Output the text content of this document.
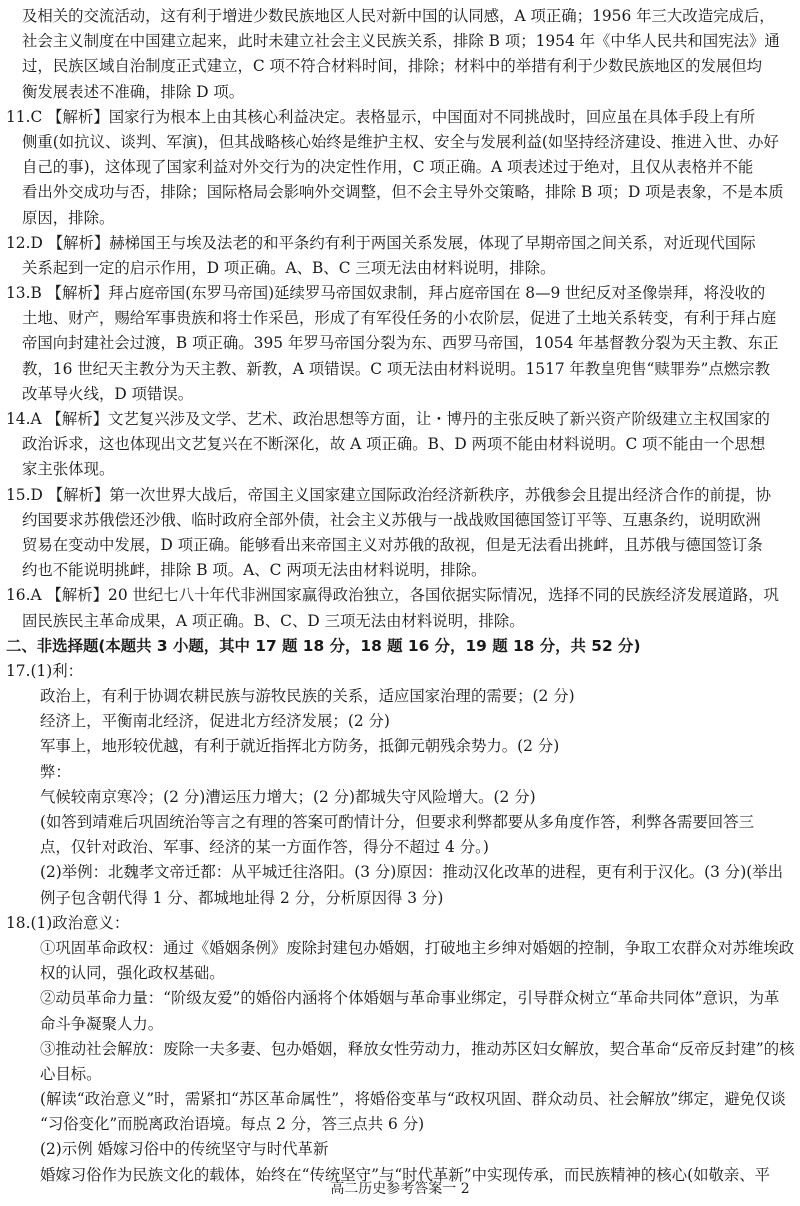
及相关的交流活动，这有利于增进少数民族地区人民对新中国的认同感，A 项正确；1956 年三大改造完成后，
社会主义制度在中国建立起来，此时未建立社会主义民族关系，排除 B 项；1954 年《中华人民共和国宪法》通
过，民族区域自治制度正式建立，C 项不符合材料时间，排除；材料中的举措有利于少数民族地区的发展但均
衡发展表述不准确，排除 D 项。
11.C 【解析】国家行为根本上由其核心利益决定。表格显示，中国面对不同挑战时，回应虽在具体手段上有所
侧重(如抗议、谈判、军演)，但其战略核心始终是维护主权、安全与发展利益(如坚持经济建设、推进入世、办好
自己的事)，这体现了国家利益对外交行为的决定性作用，C 项正确。A 项表述过于绝对，且仅从表格并不能
看出外交成功与否，排除；国际格局会影响外交调整，但不会主导外交策略，排除 B 项；D 项是表象，不是本质
原因，排除。
12.D 【解析】赫梯国王与埃及法老的和平条约有利于两国关系发展，体现了早期帝国之间关系，对近现代国际
关系起到一定的启示作用，D 项正确。A、B、C 三项无法由材料说明，排除。
13.B 【解析】拜占庭帝国(东罗马帝国)延续罗马帝国奴隶制，拜占庭帝国在 8—9 世纪反对圣像崇拜，将没收的
土地、财产，赐给军事贵族和将士作采邑，形成了有军役任务的小农阶层，促进了土地关系转变，有利于拜占庭
帝国向封建社会过渡，B 项正确。395 年罗马帝国分裂为东、西罗马帝国，1054 年基督教分裂为天主教、东正
教，16 世纪天主教分为天主教、新教，A 项错误。C 项无法由材料说明。1517 年教皇兜售“赎罪券”点燃宗教
改革导火线，D 项错误。
14.A 【解析】文艺复兴涉及文学、艺术、政治思想等方面，让・博丹的主张反映了新兴资产阶级建立主权国家的
政治诉求，这也体现出文艺复兴在不断深化，故 A 项正确。B、D 两项不能由材料说明。C 项不能由一个思想
家主张体现。
15.D 【解析】第一次世界大战后，帝国主义国家建立国际政治经济新秩序，苏俄参会且提出经济合作的前提，协
约国要求苏俄偿还沙俄、临时政府全部外债，社会主义苏俄与一战战败国德国签订平等、互惠条约，说明欧洲
贸易在变动中发展，D 项正确。能够看出来帝国主义对苏俄的敌视，但是无法看出挑衅，且苏俄与德国签订条
约也不能说明挑衅，排除 B 项。A、C 两项无法由材料说明，排除。
16.A 【解析】20 世纪七八十年代非洲国家赢得政治独立，各国依据实际情况，选择不同的民族经济发展道路，巩
固民族民主革命成果，A 项正确。B、C、D 三项无法由材料说明，排除。
二、非选择题(本题共 3 小题，其中 17 题 18 分，18 题 16 分，19 题 18 分，共 52 分)
17.(1)利：
政治上，有利于协调农耕民族与游牧民族的关系，适应国家治理的需要；(2 分)
经济上，平衡南北经济，促进北方经济发展；(2 分)
军事上，地形较优越，有利于就近指挥北方防务，抵御元朝残余势力。(2 分)
弊：
气候较南京寒冷；(2 分)漕运压力增大；(2 分)都城失守风险增大。(2 分)
(如答到靖难后巩固统治等言之有理的答案可酌情计分，但要求利弊都要从多角度作答，利弊各需要回答三
点，仅针对政治、军事、经济的某一方面作答，得分不超过 4 分。)
(2)举例：北魏孝文帝迁都：从平城迁往洛阳。(3 分)原因：推动汉化改革的进程，更有利于汉化。(3 分)(举出
例子包含朝代得 1 分、都城地址得 2 分，分析原因得 3 分)
18.(1)政治意义：
①巩固革命政权：通过《婚姻条例》废除封建包办婚姻，打破地主乡绅对婚姻的控制，争取工农群众对苏维埃政
权的认同，强化政权基础。
②动员革命力量：“阶级友爱”的婚俗内涵将个体婚姻与革命事业绑定，引导群众树立“革命共同体”意识，为革
命斗争凝聚人力。
③推动社会解放：废除一夫多妻、包办婚姻，释放女性劳动力，推动苏区妇女解放，契合革命“反帝反封建”的核
心目标。
(解读“政治意义”时，需紧扣“苏区革命属性”，将婚俗变革与“政权巩固、群众动员、社会解放”绑定，避免仅谈
“习俗变化”而脱离政治语境。每点 2 分，答三点共 6 分)
(2)示例 婚嫁习俗中的传统坚守与时代革新
婚嫁习俗作为民族文化的载体，始终在“传统坚守”与“时代革新”中实现传承，而民族精神的核心(如敬亲、平
高二历史参考答案一 2
